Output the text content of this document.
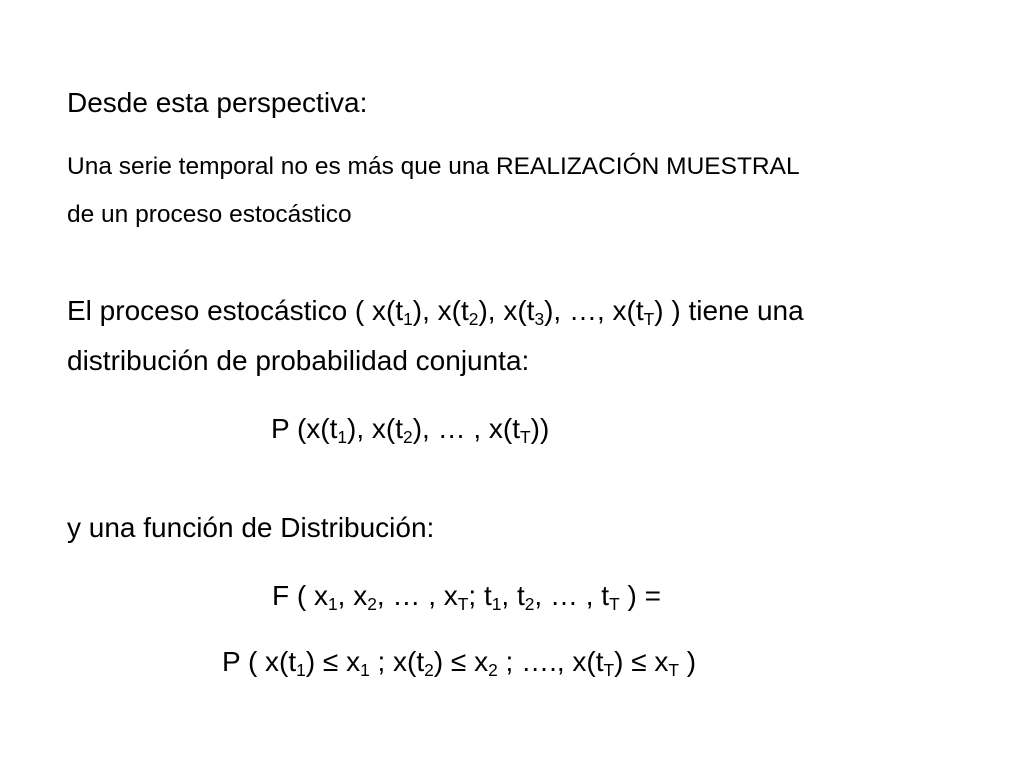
Desde esta perspectiva:
Una serie temporal no es más que una REALIZACIÓN MUESTRAL
de un proceso estocástico
El proceso estocástico ( $x(t_1)$, $x(t_2)$, $x(t_3)$, …, $x(t_T)$ ) tiene una
distribución de probabilidad conjunta:
P ($x(t_1)$, $x(t_2)$, … , $x(t_T)$)
y una función de Distribución:
F ( $x_1$, $x_2$, … , $x_T$; $t_1$, $t_2$, … , $t_T$ ) =
P ( $x(t_1) \le x_1$ ; $x(t_2) \le x_2$ ; …., $x(t_T) \le x_T$ )
